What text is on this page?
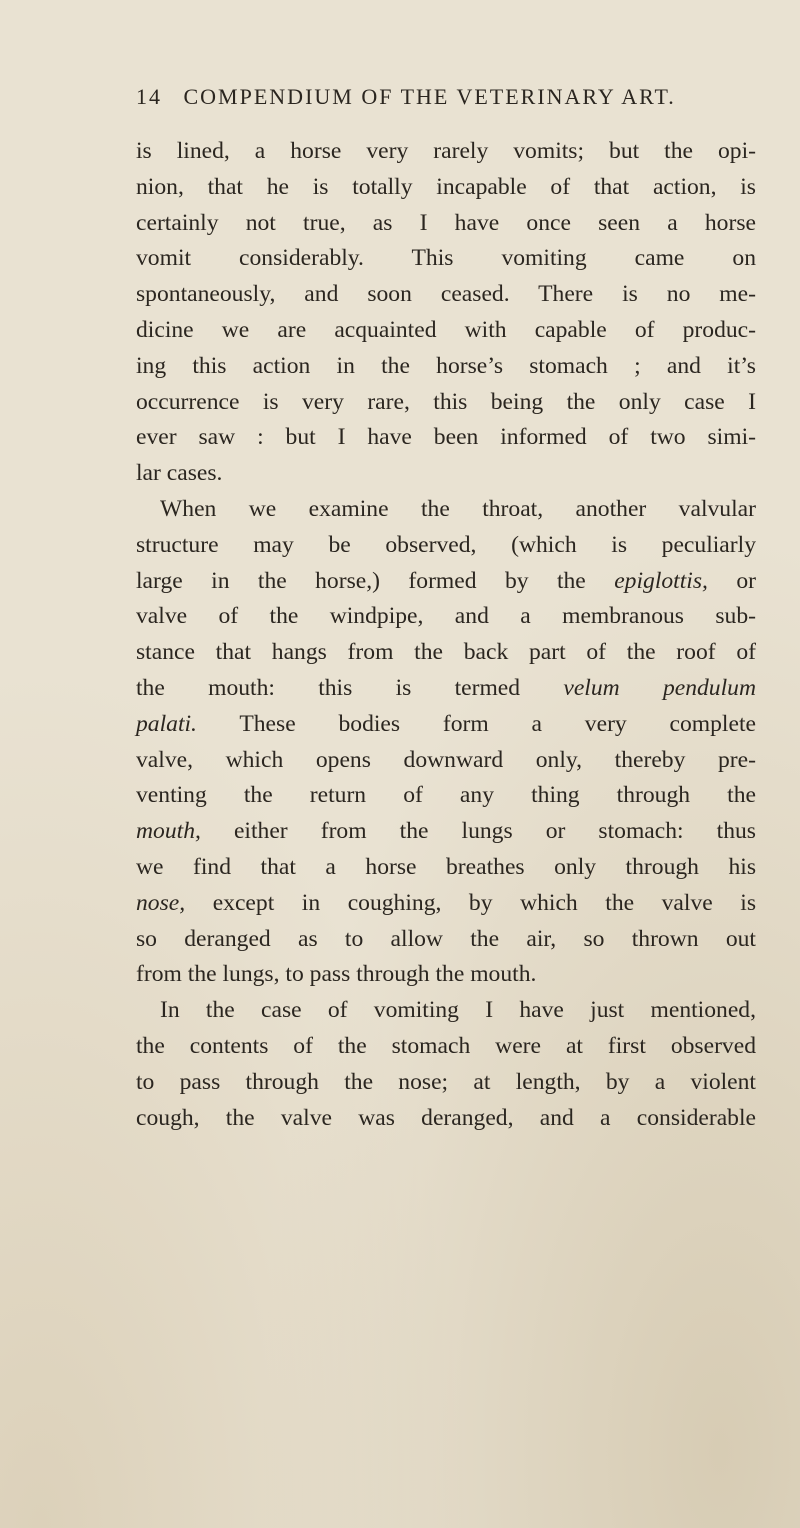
14 COMPENDIUM OF THE VETERINARY ART.
is lined, a horse very rarely vomits; but the opi-
nion, that he is totally incapable of that action, is
certainly not true, as I have once seen a horse
vomit considerably. This vomiting came on
spontaneously, and soon ceased. There is no me-
dicine we are acquainted with capable of produc-
ing this action in the horse’s stomach ; and it’s
occurrence is very rare, this being the only case I
ever saw : but I have been informed of two simi-
lar cases.
When we examine the throat, another valvular
structure may be observed, (which is peculiarly
large in the horse,) formed by the epiglottis, or
valve of the windpipe, and a membranous sub-
stance that hangs from the back part of the roof of
the mouth: this is termed velum pendulum
palati. These bodies form a very complete
valve, which opens downward only, thereby pre-
venting the return of any thing through the
mouth, either from the lungs or stomach: thus
we find that a horse breathes only through his
nose, except in coughing, by which the valve is
so deranged as to allow the air, so thrown out
from the lungs, to pass through the mouth.
In the case of vomiting I have just mentioned,
the contents of the stomach were at first observed
to pass through the nose; at length, by a violent
cough, the valve was deranged, and a considerable
